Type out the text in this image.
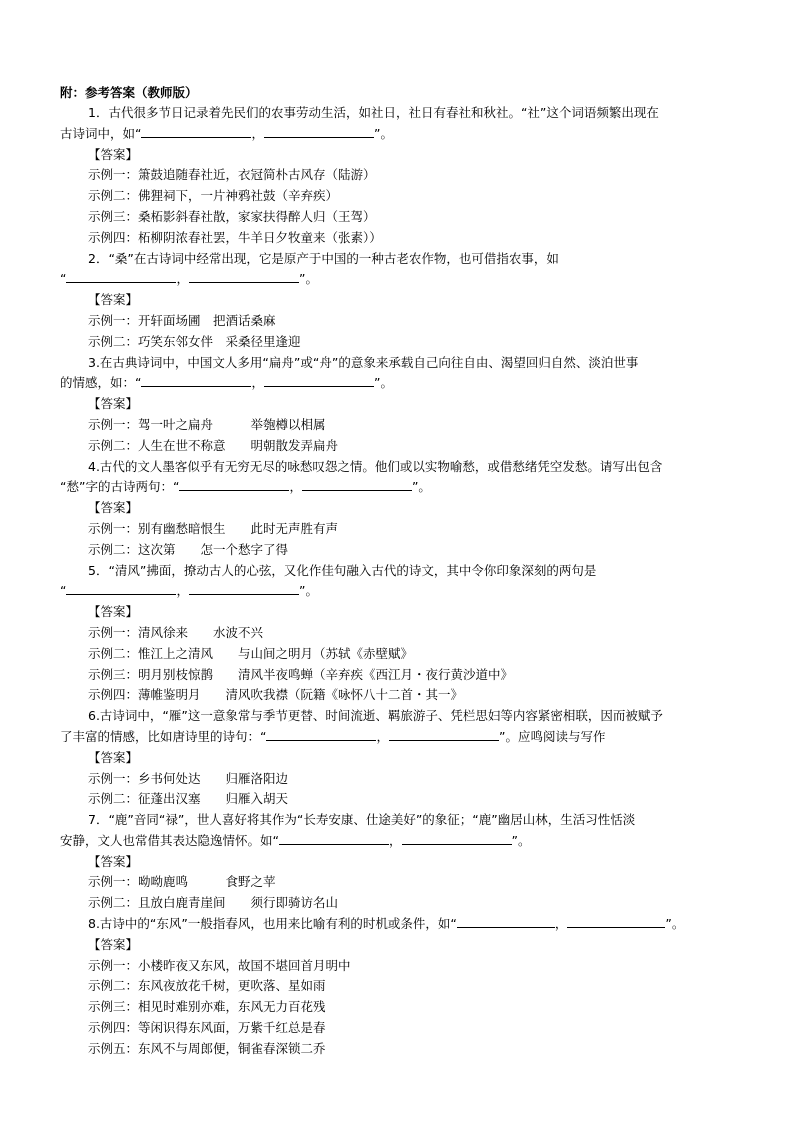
附：参考答案（教师版）
1．古代很多节日记录着先民们的农事劳动生活，如社日，社日有春社和秋社。“社”这个词语频繁出现在
古诗词中，如“	，	”。
【答案】
示例一：箫鼓追随春社近，衣冠简朴古风存（陆游）
示例二：佛狸祠下，一片神鸦社鼓（辛弃疾）
示例三：桑柘影斜春社散，家家扶得醉人归（王驾）
示例四：柘柳阴浓春社罢，牛羊日夕牧童来（张素））
2．“桑”在古诗词中经常出现，它是原产于中国的一种古老农作物，也可借指农事，如
“	，	”。
【答案】
示例一：开轩面场圃　把酒话桑麻
示例二：巧笑东邻女伴　采桑径里逢迎
3.在古典诗词中，中国文人多用“扁舟”或“舟”的意象来承载自己向往自由、渴望回归自然、淡泊世事
的情感，如：“	，	”。
【答案】
示例一：驾一叶之扁舟　　　举匏樽以相属
示例二：人生在世不称意　　明朝散发弄扁舟
4.古代的文人墨客似乎有无穷无尽的咏愁叹怨之情。他们或以实物喻愁，或借愁绪凭空发愁。请写出包含
“愁”字的古诗两句：“	，	”。
【答案】
示例一：别有幽愁暗恨生　　此时无声胜有声
示例二：这次第　　怎一个愁字了得
5．“清风”拂面，撩动古人的心弦，又化作佳句融入古代的诗文，其中令你印象深刻的两句是
“	，	”。
【答案】
示例一：清风徐来　　水波不兴
示例二：惟江上之清风　　与山间之明月（苏轼《赤壁赋》
示例三：明月别枝惊鹊　　清风半夜鸣蝉（辛弃疾《西江月・夜行黄沙道中》
示例四：薄帷鉴明月　　清风吹我襟（阮籍《咏怀八十二首・其一》
6.古诗词中，“雁”这一意象常与季节更替、时间流逝、羁旅游子、凭栏思妇等内容紧密相联，因而被赋予
了丰富的情感，比如唐诗里的诗句：“	，	”。应鸣阅读与写作
【答案】
示例一：乡书何处达　　归雁洛阳边
示例二：征蓬出汉塞　　归雁入胡天
7．“鹿”音同“禄”，世人喜好将其作为“长寿安康、仕途美好”的象征；“鹿”幽居山林，生活习性恬淡
安静，文人也常借其表达隐逸情怀。如“	，	”。
【答案】
示例一：呦呦鹿鸣　　　食野之苹
示例二：且放白鹿青崖间　　须行即骑访名山
8.古诗中的“东风”一般指春风，也用来比喻有利的时机或条件，如“	，	”。
【答案】
示例一：小楼昨夜又东风，故国不堪回首月明中
示例二：东风夜放花千树，更吹落、星如雨
示例三：相见时难别亦难，东风无力百花残
示例四：等闲识得东风面，万紫千红总是春
示例五：东风不与周郎便，铜雀春深锁二乔
